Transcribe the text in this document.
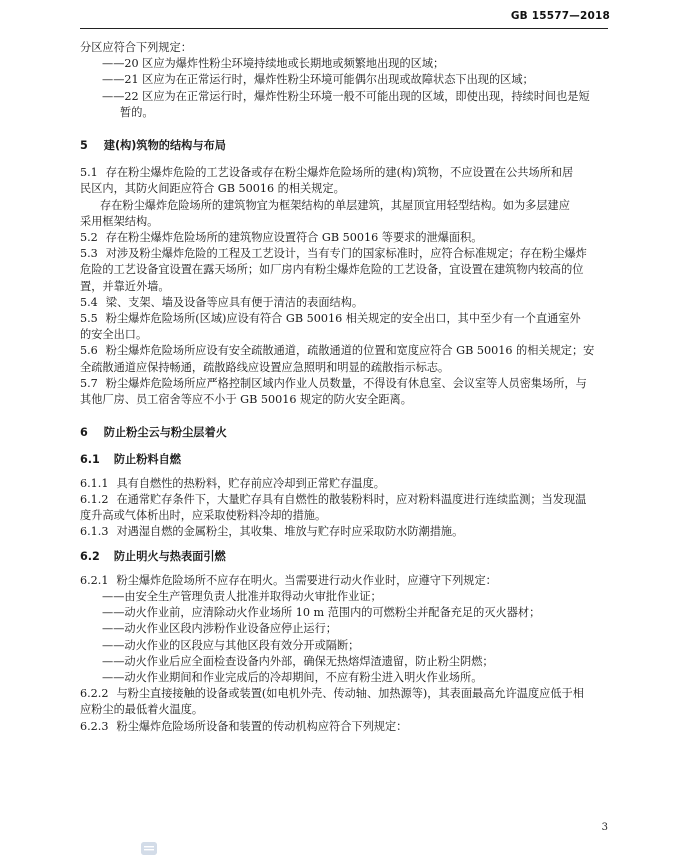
GB 15577—2018

分区应符合下列规定：

——20 区应为爆炸性粉尘环境持续地或长期地或频繁地出现的区域；

——21 区应为在正常运行时，爆炸性粉尘环境可能偶尔出现或故障状态下出现的区域；

——22 区应为在正常运行时，爆炸性粉尘环境一般不可能出现的区域，即使出现，持续时间也是短

暂的。

5 建(构)筑物的结构与布局

5.1 存在粉尘爆炸危险的工艺设备或存在粉尘爆炸危险场所的建(构)筑物，不应设置在公共场所和居

民区内，其防火间距应符合 GB 50016 的相关规定。

存在粉尘爆炸危险场所的建筑物宜为框架结构的单层建筑，其屋顶宜用轻型结构。如为多层建应

采用框架结构。

5.2 存在粉尘爆炸危险场所的建筑物应设置符合 GB 50016 等要求的泄爆面积。

5.3 对涉及粉尘爆炸危险的工程及工艺设计，当有专门的国家标准时，应符合标准规定；存在粉尘爆炸

危险的工艺设备宜设置在露天场所；如厂房内有粉尘爆炸危险的工艺设备，宜设置在建筑物内较高的位

置，并靠近外墙。

5.4 梁、支架、墙及设备等应具有便于清洁的表面结构。

5.5 粉尘爆炸危险场所(区域)应设有符合 GB 50016 相关规定的安全出口，其中至少有一个直通室外

的安全出口。

5.6 粉尘爆炸危险场所应设有安全疏散通道，疏散通道的位置和宽度应符合 GB 50016 的相关规定；安

全疏散通道应保持畅通，疏散路线应设置应急照明和明显的疏散指示标志。

5.7 粉尘爆炸危险场所应严格控制区域内作业人员数量，不得设有休息室、会议室等人员密集场所，与

其他厂房、员工宿舍等应不小于 GB 50016 规定的防火安全距离。

6 防止粉尘云与粉尘层着火
6.1 防止粉料自燃

6.1.1 具有自燃性的热粉料，贮存前应冷却到正常贮存温度。

6.1.2 在通常贮存条件下，大量贮存具有自燃性的散装粉料时，应对粉料温度进行连续监测；当发现温

度升高或气体析出时，应采取使粉料冷却的措施。

6.1.3 对遇湿自燃的金属粉尘，其收集、堆放与贮存时应采取防水防潮措施。

6.2 防止明火与热表面引燃

6.2.1 粉尘爆炸危险场所不应存在明火。当需要进行动火作业时，应遵守下列规定：

——由安全生产管理负责人批准并取得动火审批作业证；

——动火作业前，应清除动火作业场所 10 m 范围内的可燃粉尘并配备充足的灭火器材；

——动火作业区段内涉粉作业设备应停止运行；

——动火作业的区段应与其他区段有效分开或隔断；

——动火作业后应全面检查设备内外部，确保无热熔焊渣遗留，防止粉尘阴燃；

——动火作业期间和作业完成后的冷却期间，不应有粉尘进入明火作业场所。

6.2.2 与粉尘直接接触的设备或装置(如电机外壳、传动轴、加热源等)，其表面最高允许温度应低于相

应粉尘的最低着火温度。

6.2.3 粉尘爆炸危险场所设备和装置的传动机构应符合下列规定：

3
